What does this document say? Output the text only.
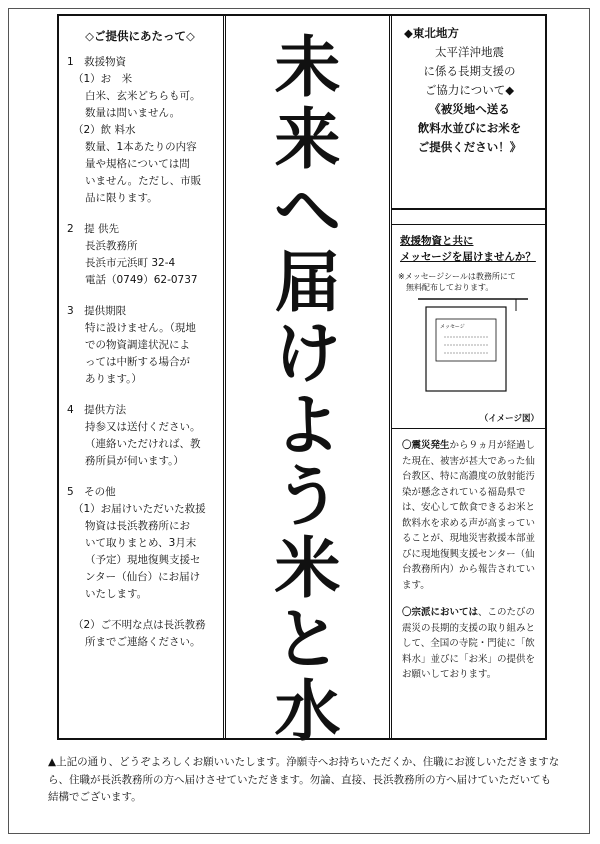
◇ご提供にあたって◇
1　救援物資
（1）お　米
白米、玄米どちらも可。
数量は問いません。
（2）飲 料水
数量、1本あたりの内容
量や規格については問
いません。ただし、市販
品に限ります。
2　提 供先
長浜教務所
長浜市元浜町 32-4
電話（0749）62-0737
3　提供期限
特に設けません。（現地
での物資調達状況によ
っては中断する場合が
あります。）
4　提供方法
持参又は送付ください。
（連絡いただければ、教
務所員が伺います。）
5　その他
（1）お届けいただいた救援
物資は長浜教務所にお
いて取りまとめ、3月末
（予定）現地復興支援セ
ンター（仙台）にお届け
いたします。
（2）ご不明な点は長浜教務
所までご連絡ください。
未
来
へ
届
け
よ
う
米
と
水
◆東北地方
太平洋沖地震
に係る長期支援の
ご協力について◆
《被災地へ送る
飲料水並びにお米を
ご提供ください！》
救援物資と共に
メッセージを届けませんか？
※メッセージシールは教務所にて
無料配布しております。
メッセージ
（イメージ図）
〇震災発生から９ヵ月が経過した現在、被害が甚大であった仙台教区、特に高濃度の放射能汚染が懸念されている福島県では、安心して飲食できるお米と飲料水を求める声が高まっていることが、現地災害救援本部並びに現地復興支援センター（仙台教務所内）から報告されています。
〇宗派においては、このたびの震災の長期的支援の取り組みとして、全国の寺院・門徒に「飲料水」並びに「お米」の提供をお願いしております。
▲上記の通り、どうぞよろしくお願いいたします。浄願寺へお持ちいただくか、住職にお渡しいただきますなら、住職が長浜教務所の方へ届けさせていただきます。勿論、直接、長浜教務所の方へ届けていただいても結構でございます。
